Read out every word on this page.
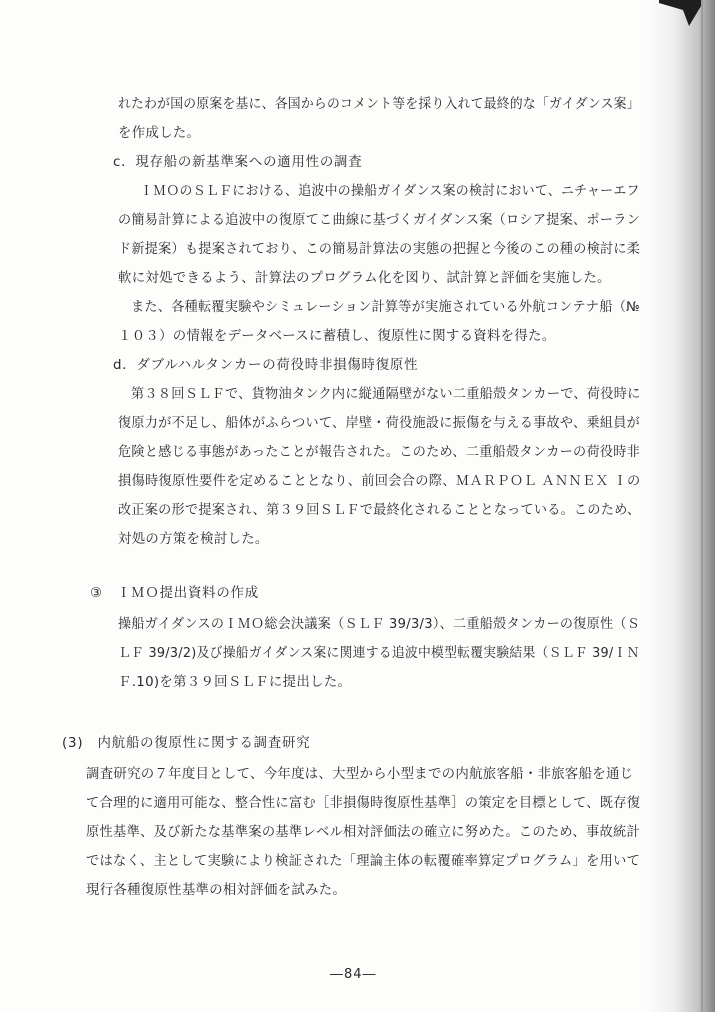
れたわが国の原案を基に、各国からのコメント等を採り入れて最終的な「ガイダンス案」
を作成した。
c．現存船の新基準案への適用性の調査
ＩＭＯのＳＬＦにおける、追波中の操船ガイダンス案の検討において、ニチャーエフ
の簡易計算による追波中の復原てこ曲線に基づくガイダンス案（ロシア提案、ポーラン
ド新提案）も提案されており、この簡易計算法の実態の把握と今後のこの種の検討に柔
軟に対処できるよう、計算法のプログラム化を図り、試計算と評価を実施した。
また、各種転覆実験やシミュレーション計算等が実施されている外航コンテナ船（№
１０３）の情報をデータベースに蓄積し、復原性に関する資料を得た。
d．ダブルハルタンカーの荷役時非損傷時復原性
第３８回ＳＬＦで、貨物油タンク内に縦通隔壁がない二重船殻タンカーで、荷役時に
復原力が不足し、船体がふらついて、岸壁・荷役施設に振傷を与える事故や、乗組員が
危険と感じる事態があったことが報告された。このため、二重船殻タンカーの荷役時非
損傷時復原性要件を定めることとなり、前回会合の際、ＭＡＲＰＯＬ ＡＮＮＥＸ Ｉの
改正案の形で提案され、第３９回ＳＬＦで最終化されることとなっている。このため、
対処の方策を検討した。
③　ＩＭＯ提出資料の作成
操船ガイダンスのＩＭＯ総会決議案（ＳＬＦ 39/3/3）、二重船殻タンカーの復原性（Ｓ
ＬＦ 39/3/2)及び操船ガイダンス案に関連する追波中模型転覆実験結果（ＳＬＦ 39/ＩＮ
Ｆ.10)を第３９回ＳＬＦに提出した。
(3)　内航船の復原性に関する調査研究
調査研究の７年度目として、今年度は、大型から小型までの内航旅客船・非旅客船を通じ
て合理的に適用可能な、整合性に富む［非損傷時復原性基準］の策定を目標として、既存復
原性基準、及び新たな基準案の基準レベル相対評価法の確立に努めた。このため、事故統計
ではなく、主として実験により検証された「理論主体の転覆確率算定プログラム」を用いて
現行各種復原性基準の相対評価を試みた。
―84―
